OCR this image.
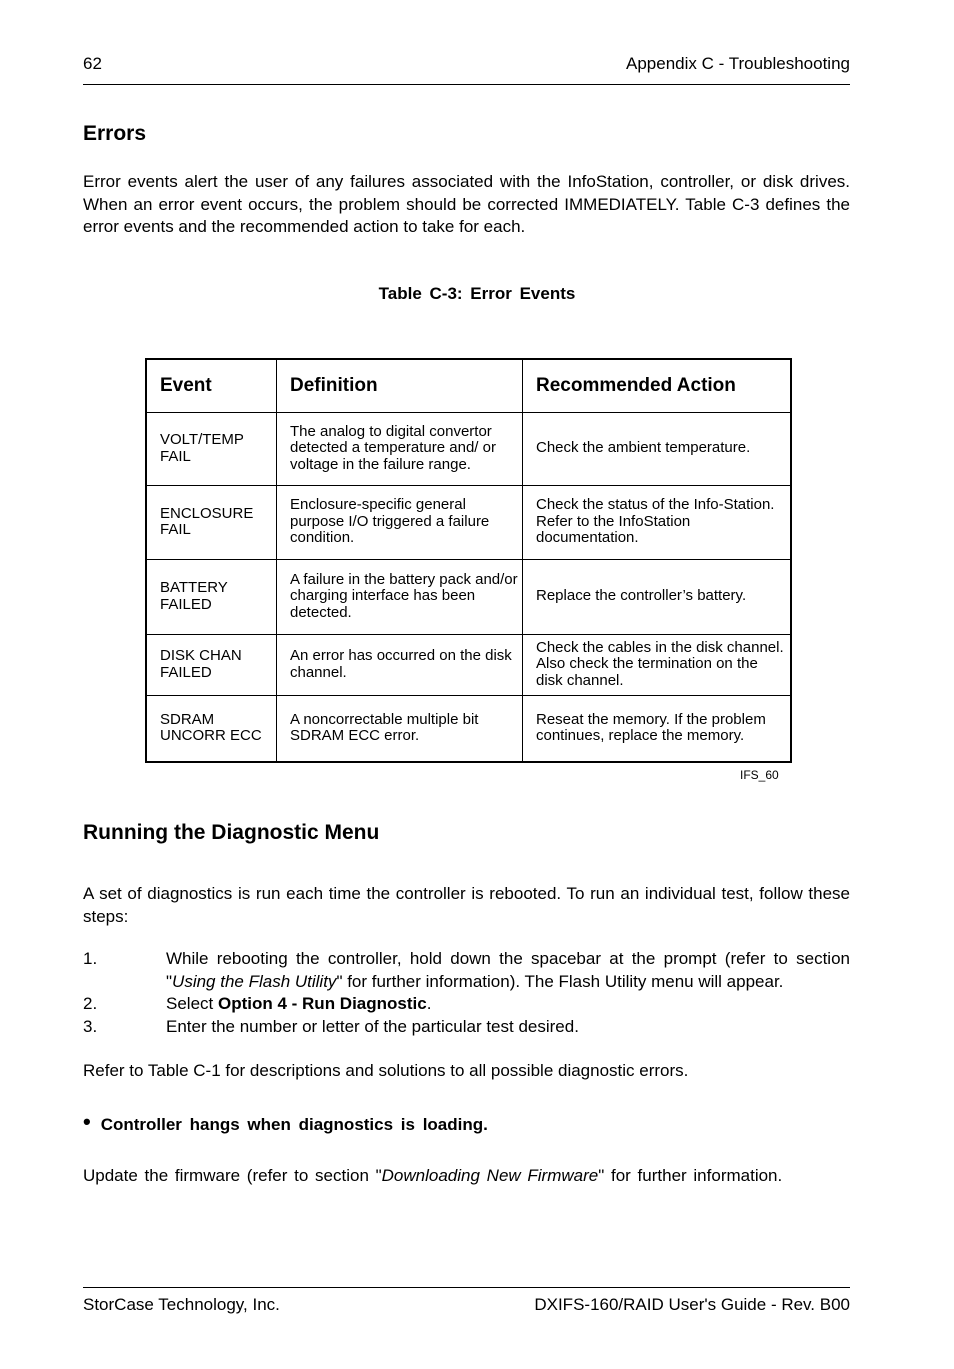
62	Appendix C - Troubleshooting
Errors
Error events alert the user of any failures associated with the InfoStation, controller, or disk drives. When an error event occurs, the problem should be corrected IMMEDIATELY. Table C-3 defines the error events and the recommended action to take for each.
Table C-3: Error Events
Event	Definition	Recommended Action
VOLT/TEMP FAIL	The analog to digital convertor detected a temperature and/ or voltage in the failure range.	Check the ambient temperature.
ENCLOSURE FAIL	Enclosure-specific general purpose I/O triggered a failure condition.	Check the status of the Info-Station. Refer to the InfoStation documentation.
BATTERY FAILED	A failure in the battery pack and/or charging interface has been detected.	Replace the controller’s battery.
DISK CHAN FAILED	An error has occurred on the disk channel.	Check the cables in the disk channel. Also check the termination on the disk channel.
SDRAM UNCORR ECC	A noncorrectable multiple bit SDRAM ECC error.	Reseat the memory. If the problem continues, replace the memory.
IFS_60
Running the Diagnostic Menu
A set of diagnostics is run each time the controller is rebooted. To run an individual test, follow these steps:
1.	While rebooting the controller, hold down the spacebar at the prompt (refer to section "Using the Flash Utility" for further information). The Flash Utility menu will appear.
2.	Select Option 4 - Run Diagnostic.
3.	Enter the number or letter of the particular test desired.
Refer to Table C-1 for descriptions and solutions to all possible diagnostic errors.
• Controller hangs when diagnostics is loading.
Update the firmware (refer to section "Downloading New Firmware" for further information.
StorCase Technology, Inc.	DXIFS-160/RAID User's Guide - Rev. B00
